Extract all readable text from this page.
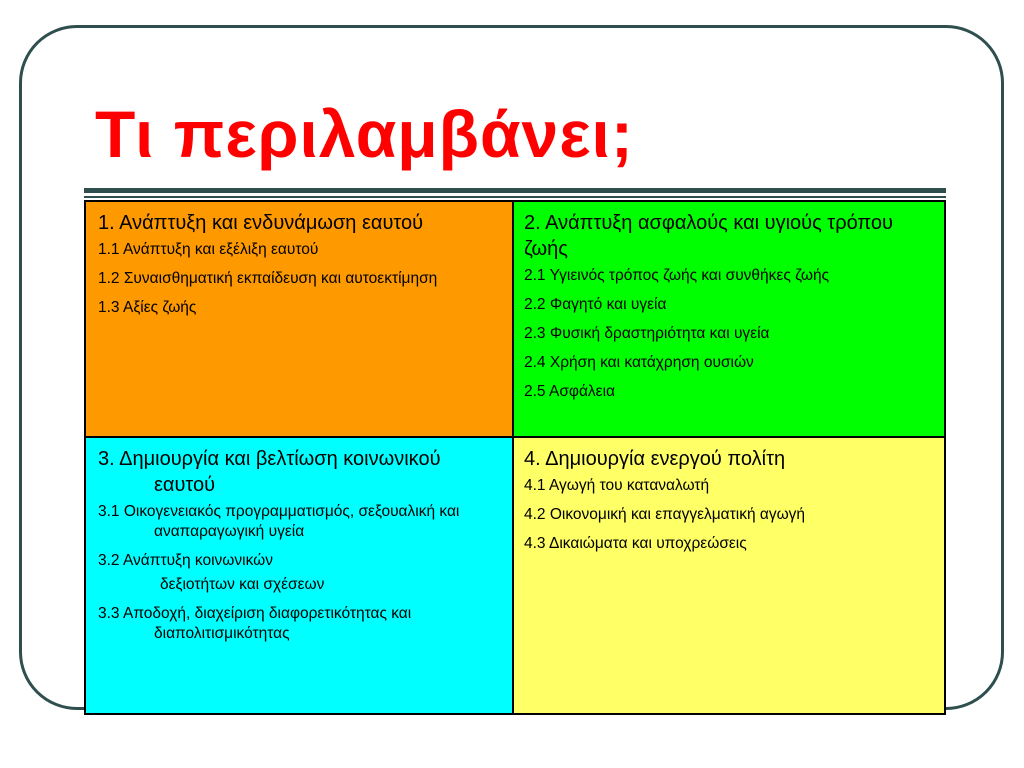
Τι περιλαμβάνει;

1. Ανάπτυξη και ενδυνάμωση εαυτού

1.1 Ανάπτυξη και εξέλιξη εαυτού

1.2 Συναισθηματική εκπαίδευση και αυτοεκτίμηση

1.3 Αξίες ζωής

2. Ανάπτυξη ασφαλούς και υγιούς τρόπου ζωής

2.1 Υγιεινός τρόπος ζωής και συνθήκες ζωής

2.2 Φαγητό και υγεία

2.3 Φυσική δραστηριότητα και υγεία

2.4 Χρήση και κατάχρηση ουσιών

2.5 Ασφάλεια

3. Δημιουργία και βελτίωση κοινωνικού εαυτού

3.1 Οικογενειακός προγραμματισμός, σεξουαλική και αναπαραγωγική υγεία

3.2 Ανάπτυξη κοινωνικών

δεξιοτήτων και σχέσεων

3.3 Αποδοχή, διαχείριση διαφορετικότητας και διαπολιτισμικότητας

4. Δημιουργία ενεργού πολίτη

4.1 Αγωγή του καταναλωτή

4.2 Οικονομική και επαγγελματική αγωγή

4.3 Δικαιώματα και υποχρεώσεις
